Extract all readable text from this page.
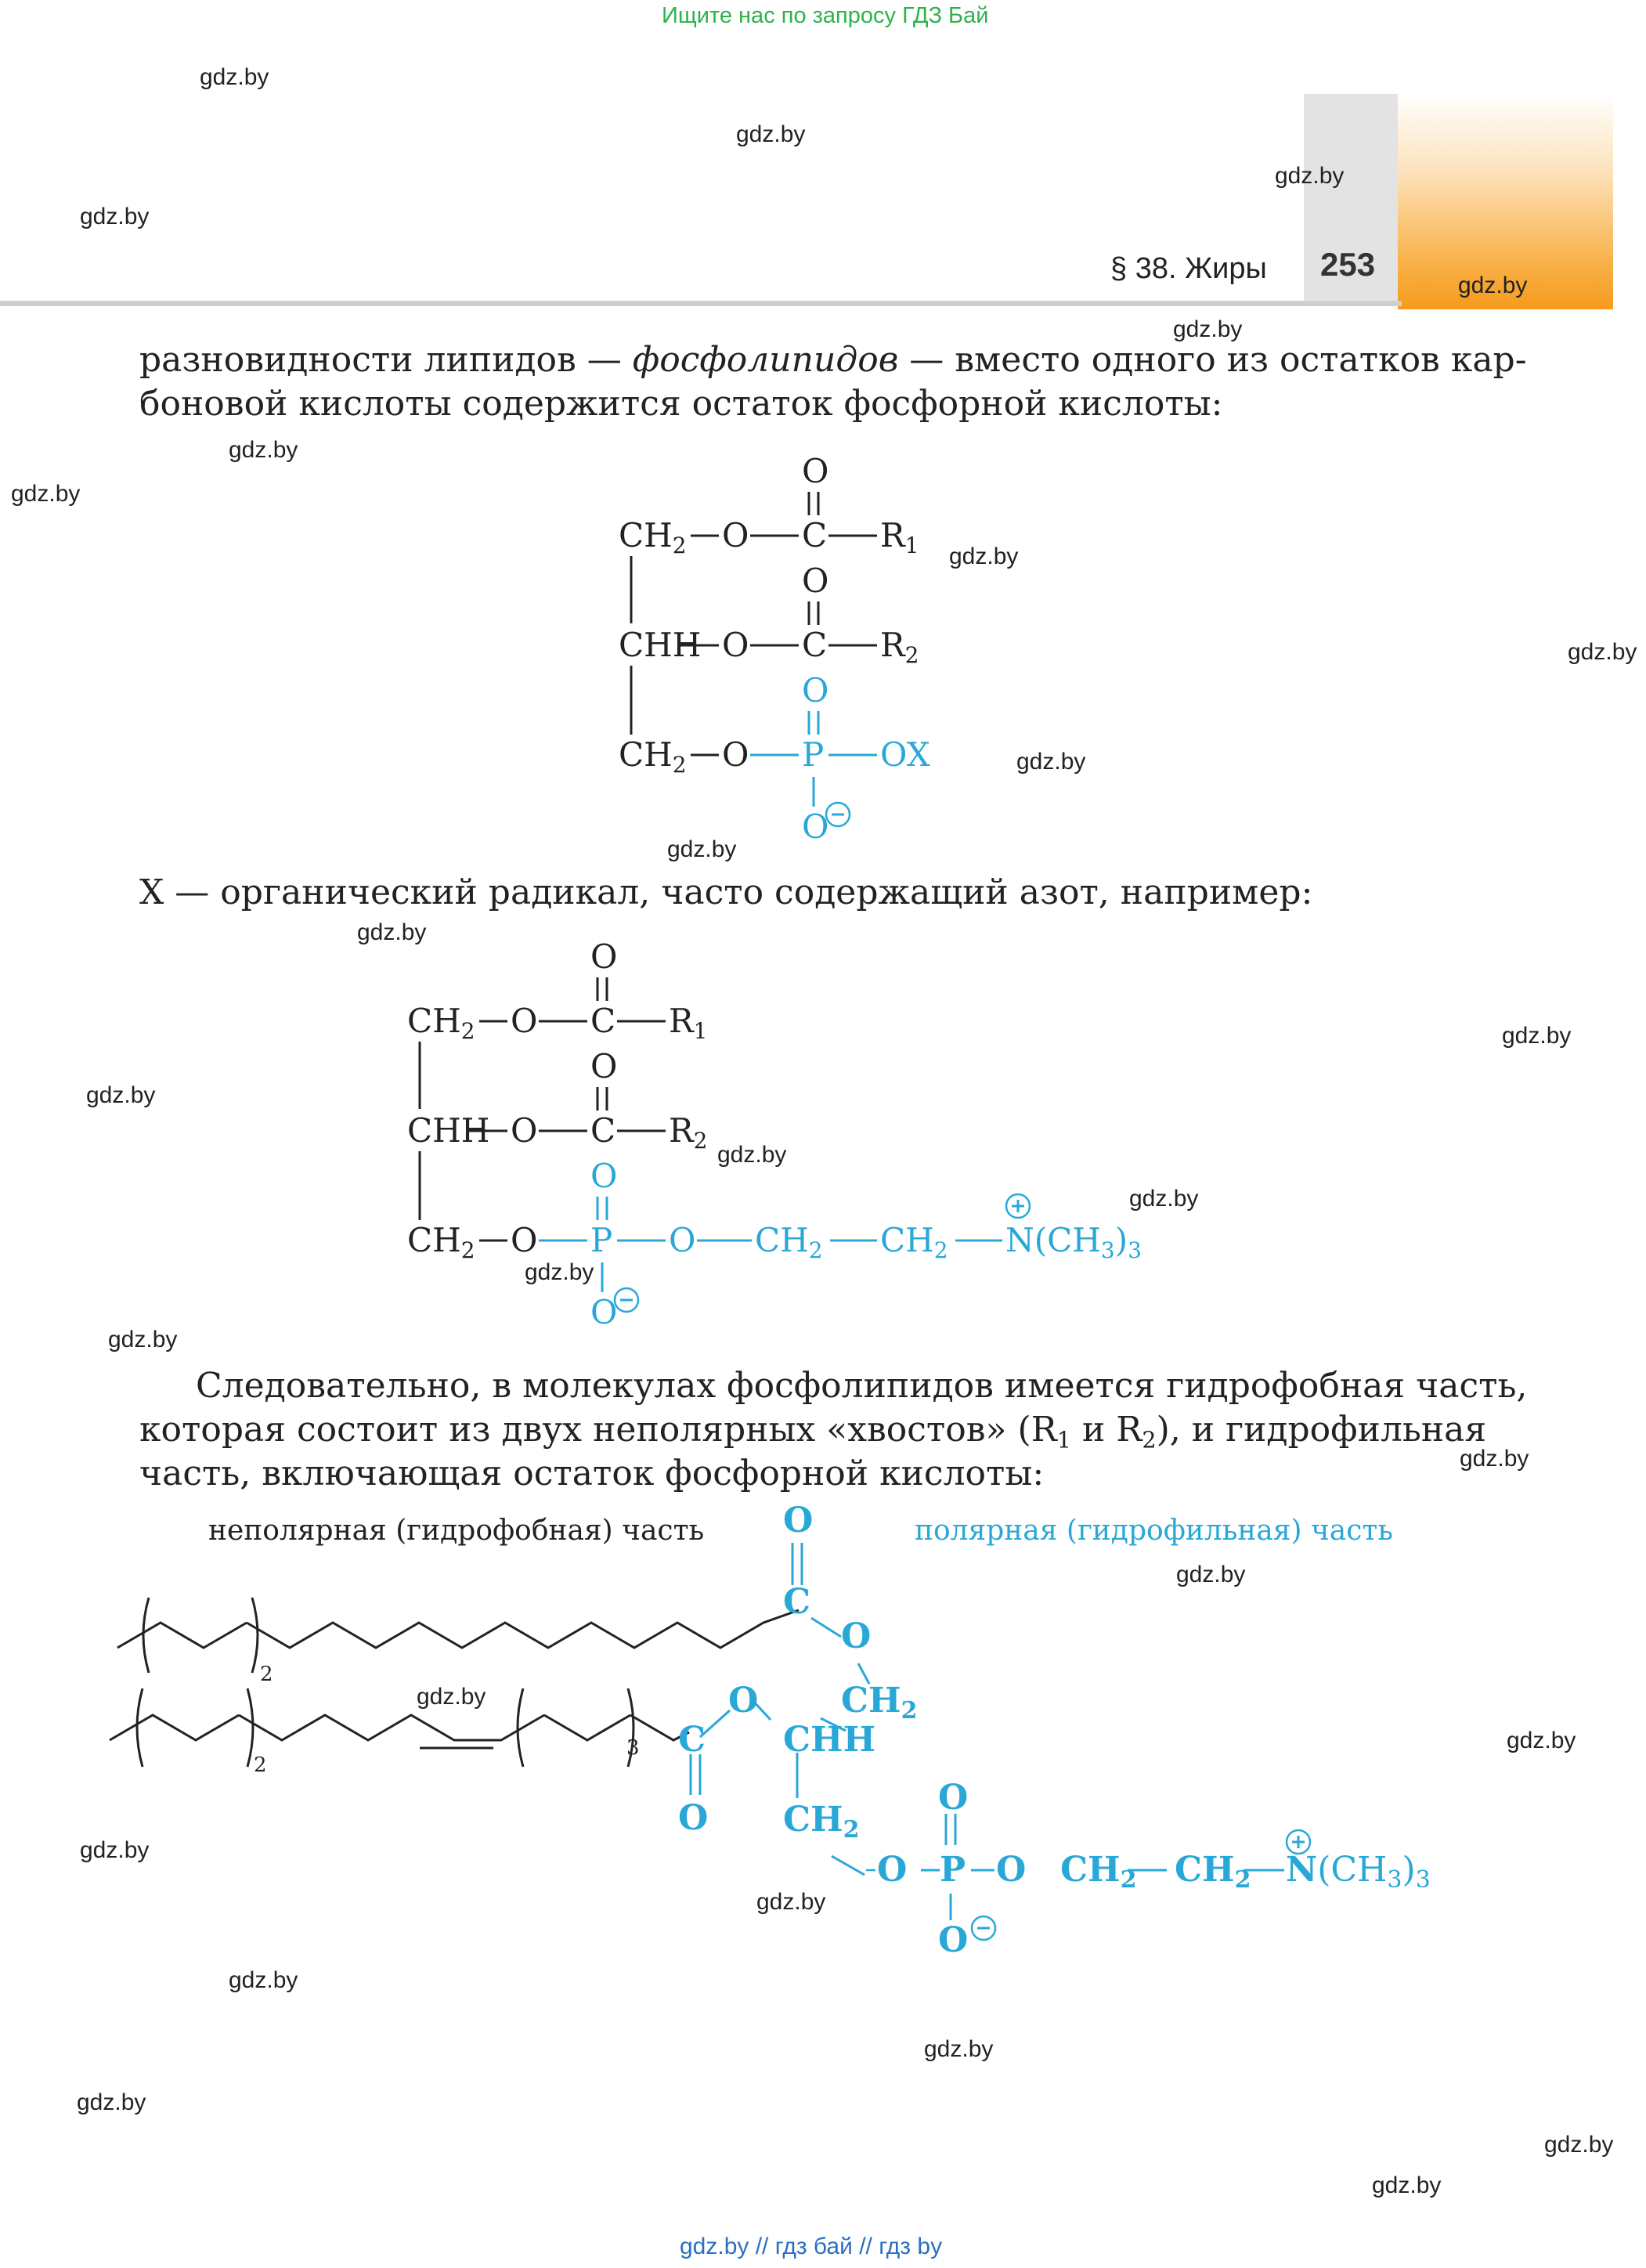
Ищите нас по запросу ГДЗ Бай
§ 38. Жиры 253
разновидности липидов — фосфолипидов — вместо одного из остатков кар-
боновой кислоты содержится остаток фосфорной кислоты:
X — органический радикал, часто содержащий азот, например:
Следовательно, в молекулах фосфолипидов имеется гидрофобная часть,
которая состоит из двух неполярных «хвостов» ($R_1$ и $R_2$), и гидрофильная
часть, включающая остаток фосфорной кислоты:
CH2 O C
O
R1
CHH O C
O
R2
CH2 O P
O
O
OX
CH2 O C
O
R1
CHH O C
O
R2
CH2 O P
O
O
O CH2 CH2 N(CH3)3
неполярная (гидрофобная) часть	полярная (гидрофильная) часть
2
2
3
O
C
O
CH2
O
CHH
C
O CH2
O P
O
O
O CH2 CH2 N(CH3)3
gdz.by
gdz.by
gdz.by
gdz.by
gdz.by
gdz.by
gdz.by
gdz.by
gdz.by
gdz.by
gdz.by
gdz.by
gdz.by
gdz.by
gdz.by
gdz.by
gdz.by
gdz.by
gdz.by
gdz.by
gdz.by
gdz.by
gdz.by
gdz.by
gdz.by
gdz.by
gdz.by
gdz.by
gdz.by
gdz.by
gdz.by // гдз бай // гдз by
